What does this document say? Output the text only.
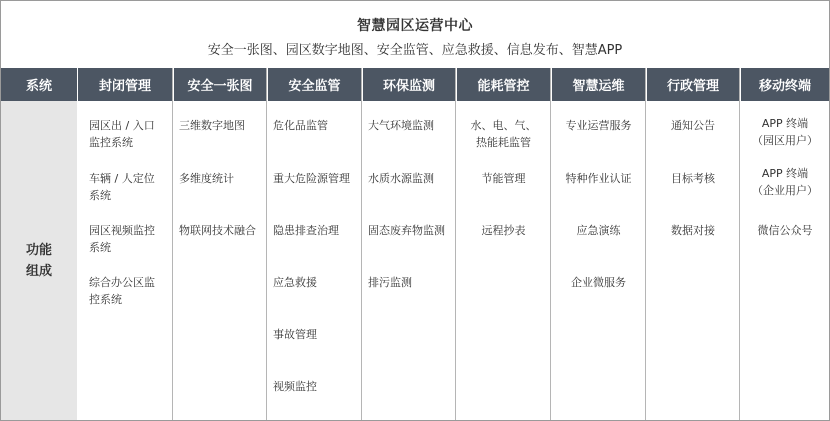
智慧园区运营中心
安全一张图、园区数字地图、安全监管、应急救援、信息发布、智慧APP
系统
功能组成
封闭管理
园区出 / 入口
监控系统
车辆 / 人定位
系统
园区视频监控
系统
综合办公区监
控系统
安全一张图
三维数字地图
多维度统计
物联网技术融合
安全监管
危化品监管
重大危险源管理
隐患排查治理
应急救援
事故管理
视频监控
环保监测
大气环境监测
水质水源监测
固态废弃物监测
排污监测
能耗管控
水、电、气、
热能耗监管
节能管理
远程抄表
智慧运维
专业运营服务
特种作业认证
应急演练
企业微服务
行政管理
通知公告
目标考核
数据对接
移动终端
APP 终端
（园区用户）
APP 终端
（企业用户）
微信公众号
